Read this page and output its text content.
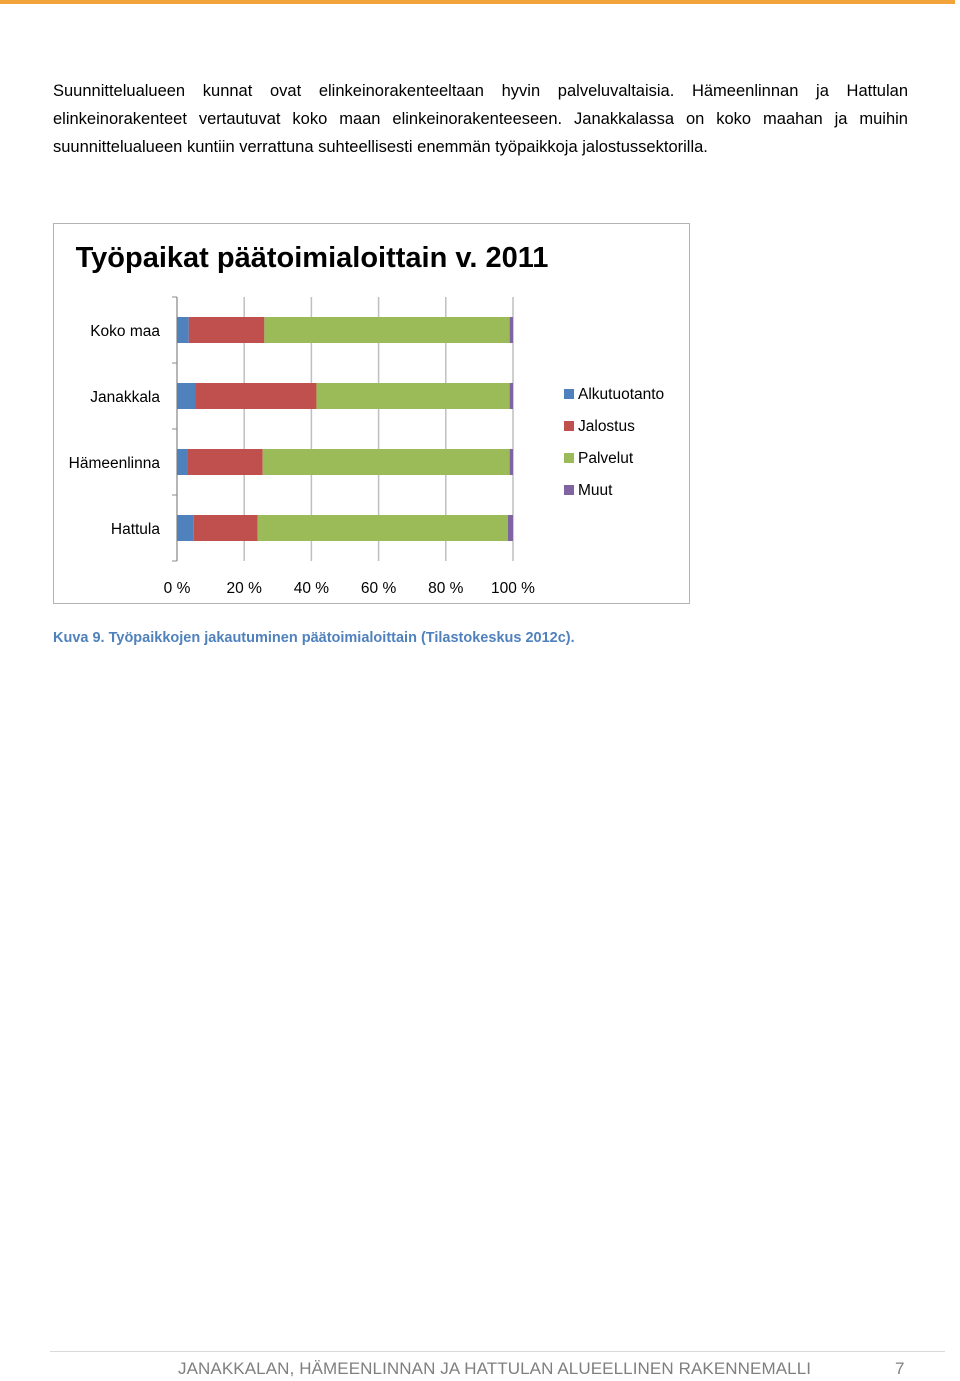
Suunnittelualueen kunnat ovat elinkeinorakenteeltaan hyvin palveluvaltaisia. Hämeenlinnan ja Hattulan elinkeinorakenteet vertautuvat koko maan elinkeinorakenteeseen. Janakkalassa on koko maahan ja muihin suunnittelualueen kuntiin verrattuna suhteellisesti enemmän työpaikkoja jalostussektorilla.

Työpaikat päätoimialoittain v. 2011
0 % 20 % 40 % 60 % 80 % 100 %
Koko maa
Janakkala
Hämeenlinna
Hattula
Alkutuotanto
Jalostus
Palvelut
Muut

Kuva 9. Työpaikkojen jakautuminen päätoimialoittain (Tilastokeskus 2012c).

JANAKKALAN, HÄMEENLINNAN JA HATTULAN ALUEELLINEN RAKENNEMALLI	7
